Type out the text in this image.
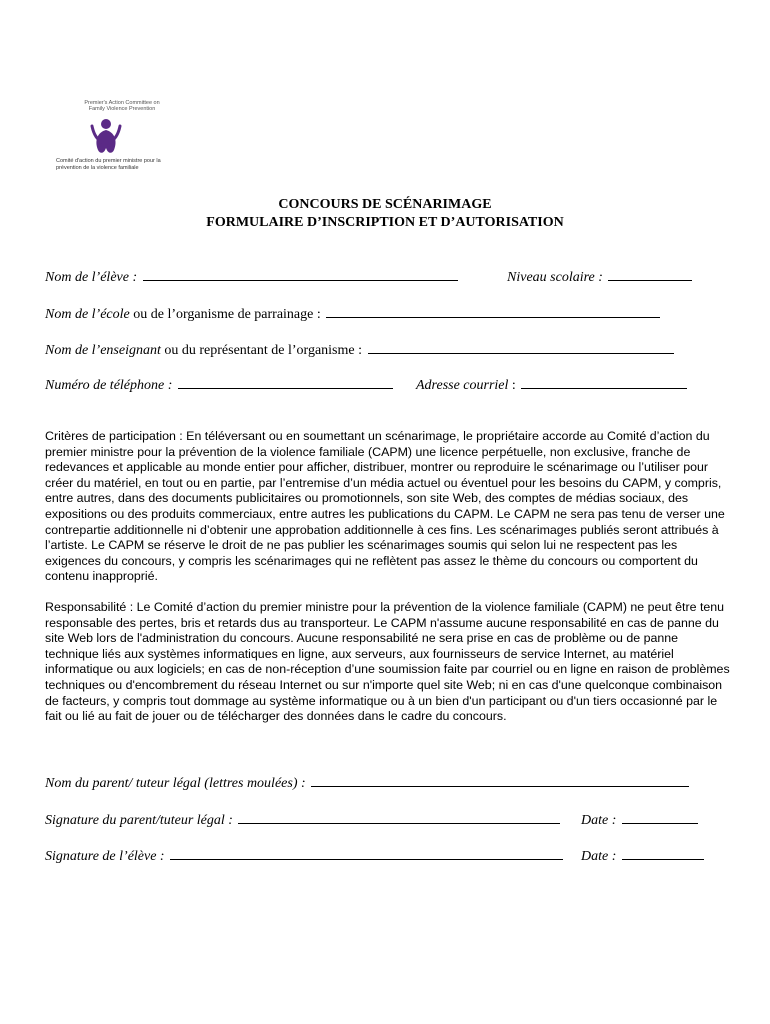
Premier's Action Committee on Family Violence Prevention
Comité d'action du premier ministre pour la prévention de la violence familiale
CONCOURS DE SCÉNARIMAGE
FORMULAIRE D’INSCRIPTION ET D’AUTORISATION
Nom de l’élève :	Niveau scolaire :
Nom de l’école ou de l’organisme de parrainage :
Nom de l’enseignant ou du représentant de l’organisme :
Numéro de téléphone :	Adresse courriel :

Critères de participation : En téléversant ou en soumettant un scénarimage, le propriétaire accorde au Comité d’action du premier ministre pour la prévention de la violence familiale (CAPM) une licence perpétuelle, non exclusive, franche de redevances et applicable au monde entier pour afficher, distribuer, montrer ou reproduire le scénarimage ou l’utiliser pour créer du matériel, en tout ou en partie, par l’entremise d’un média actuel ou éventuel pour les besoins du CAPM, y compris, entre autres, dans des documents publicitaires ou promotionnels, son site Web, des comptes de médias sociaux, des expositions ou des produits commerciaux, entre autres les publications du CAPM. Le CAPM ne sera pas tenu de verser une contrepartie additionnelle ni d’obtenir une approbation additionnelle à ces fins. Les scénarimages publiés seront attribués à l’artiste. Le CAPM se réserve le droit de ne pas publier les scénarimages soumis qui selon lui ne respectent pas les exigences du concours, y compris les scénarimages qui ne reflètent pas assez le thème du concours ou comportent du contenu inapproprié.

Responsabilité : Le Comité d’action du premier ministre pour la prévention de la violence familiale (CAPM) ne peut être tenu responsable des pertes, bris et retards dus au transporteur. Le CAPM n'assume aucune responsabilité en cas de panne du site Web lors de l'administration du concours. Aucune responsabilité ne sera prise en cas de problème ou de panne technique liés aux systèmes informatiques en ligne, aux serveurs, aux fournisseurs de service Internet, au matériel informatique ou aux logiciels; en cas de non-réception d’une soumission faite par courriel ou en ligne en raison de problèmes techniques ou d'encombrement du réseau Internet ou sur n'importe quel site Web; ni en cas d'une quelconque combinaison de facteurs, y compris tout dommage au système informatique ou à un bien d'un participant ou d'un tiers occasionné par le fait ou lié au fait de jouer ou de télécharger des données dans le cadre du concours.

Nom du parent/ tuteur légal (lettres moulées) :
Signature du parent/tuteur légal :	Date :
Signature de l’élève :	Date :
